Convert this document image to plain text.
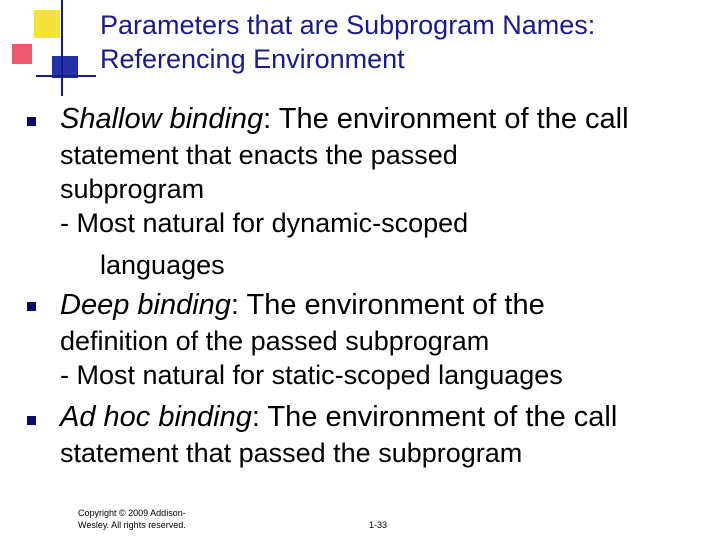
Parameters that are Subprogram Names:
Referencing Environment
Shallow binding: The environment of the call
statement that enacts the passed
subprogram
- Most natural for dynamic-scoped
languages
Deep binding: The environment of the
definition of the passed subprogram
- Most natural for static-scoped languages
Ad hoc binding: The environment of the call
statement that passed the subprogram
Copyright © 2009 Addison-
Wesley. All rights reserved.	1-33
